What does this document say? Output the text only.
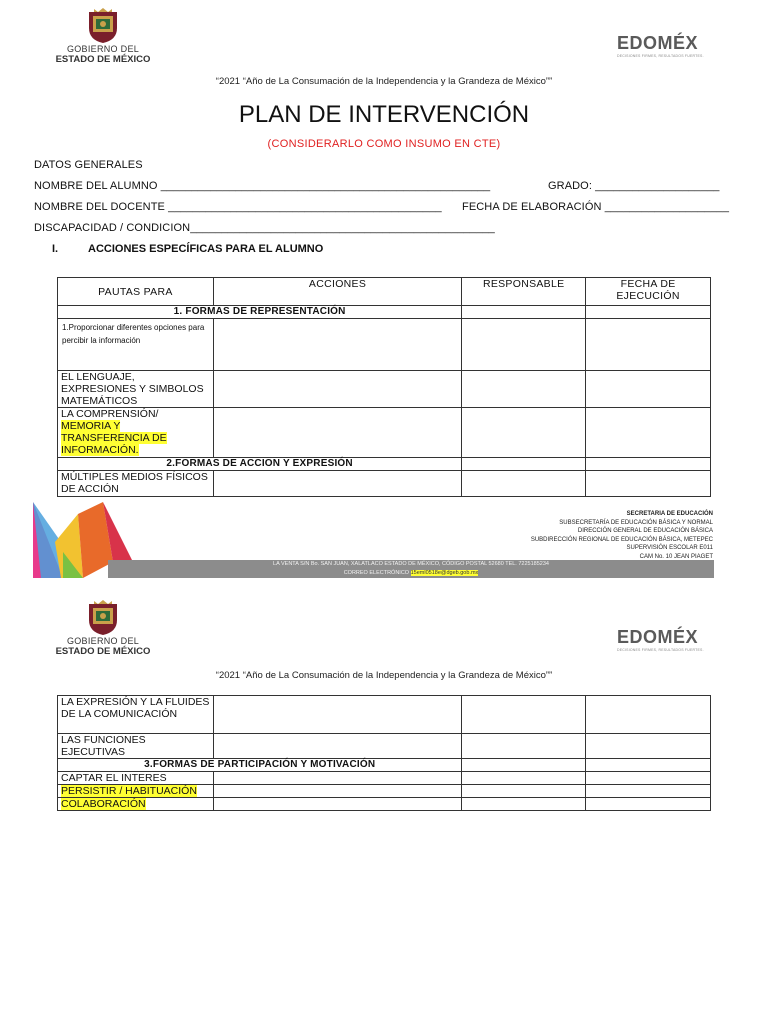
GOBIERNO DEL
ESTADO DE MÉXICO
EDOMÉX
DECISIONES FIRMES, RESULTADOS FUERTES.
“2021 “Año de La Consumación de la Independencia y la Grandeza de México””
PLAN DE INTERVENCIÓN
(CONSIDERARLO COMO INSUMO EN CTE)
DATOS GENERALES
NOMBRE DEL ALUMNO _____________________________________________________	GRADO: ____________________
NOMBRE DEL DOCENTE ____________________________________________ FECHA DE ELABORACIÓN ____________________
DISCAPACIDAD / CONDICION_________________________________________________
I.	ACCIONES ESPECÍFICAS PARA EL ALUMNO
PAUTAS PARA	ACCIONES	RESPONSABLE	FECHA DE EJECUCIÓN
1. FORMAS DE REPRESENTACIÓN			
1.Proporcionar diferentes opciones para percibir la información			
EL LENGUAJE, EXPRESIONES Y SIMBOLOS MATEMÁTICOS			
LA COMPRENSIÓN/
MEMORIA Y TRANSFERENCIA DE INFORMACIÓN.			
2.FORMAS DE ACCION Y EXPRESIÓN			
MÚLTIPLES MEDIOS FÍSICOS DE ACCIÓN			
SECRETARIA DE EDUCACIÓN
SUBSECRETARÍA DE EDUCACIÓN BÁSICA Y NORMAL
DIRECCIÓN GENERAL DE EDUCACIÓN BÁSICA
SUBDIRECCIÓN REGIONAL DE EDUCACIÓN BÁSICA, METEPEC
SUPERVISIÓN ESCOLAR E011
CAM No. 10 JEAN PIAGET
LA VENTA S/N Bo. SAN JUAN, XALATLACO ESTADO DE MÉXICO, CÓDIGO POSTAL 52680 TEL. 7225185234
CORREO ELECTRÓNICO 15eml0518e@dgeb.gob.mx
GOBIERNO DEL
ESTADO DE MÉXICO
EDOMÉX
DECISIONES FIRMES, RESULTADOS FUERTES.
“2021 “Año de La Consumación de la Independencia y la Grandeza de México””
LA EXPRESIÓN Y LA FLUIDES DE LA COMUNICACIÓN			
LAS FUNCIONES EJECUTIVAS			
3.FORMAS DE PARTICIPACIÓN Y MOTIVACIÓN			
CAPTAR EL INTERES			
PERSISTIR / HABITUACIÓN			
COLABORACIÓN			
